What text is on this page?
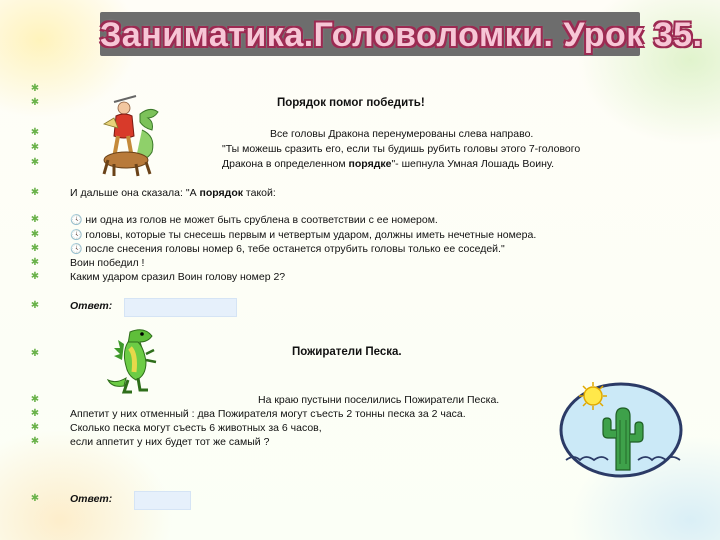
Заниматика.Головоломки. Урок 35.
✱
✱	Порядок помог победить!
✱
✱
✱
Все головы Дракона перенумерованы слева направо.
"Ты можешь сразить его, если ты будишь рубить головы этого 7-голового
Дракона в определенном порядке"- шепнула Умная Лошадь Воину.
✱	И дальше она сказала: "А порядок такой:
✱
✱
✱
✱
✱
🕓 ни одна из голов не может быть срублена в соответствии с ее номером.
🕓 головы, которые ты снесешь первым и четвертым ударом, должны иметь нечетные номера.
🕓 после снесения головы номер 6, тебе останется отрубить головы только ее соседей."
Воин победил !
Каким ударом сразил Воин голову номер 2?
✱	Ответ:
✱	Пожиратели Песка.
✱
✱
✱
✱
На краю пустыни поселились Пожиратели Песка.
Аппетит у них отменный : два Пожирателя могут съесть 2 тонны песка за 2 часа.
Сколько песка могут съесть 6 животных за 6 часов,
если аппетит у них будет тот же самый ?
✱	Ответ:
